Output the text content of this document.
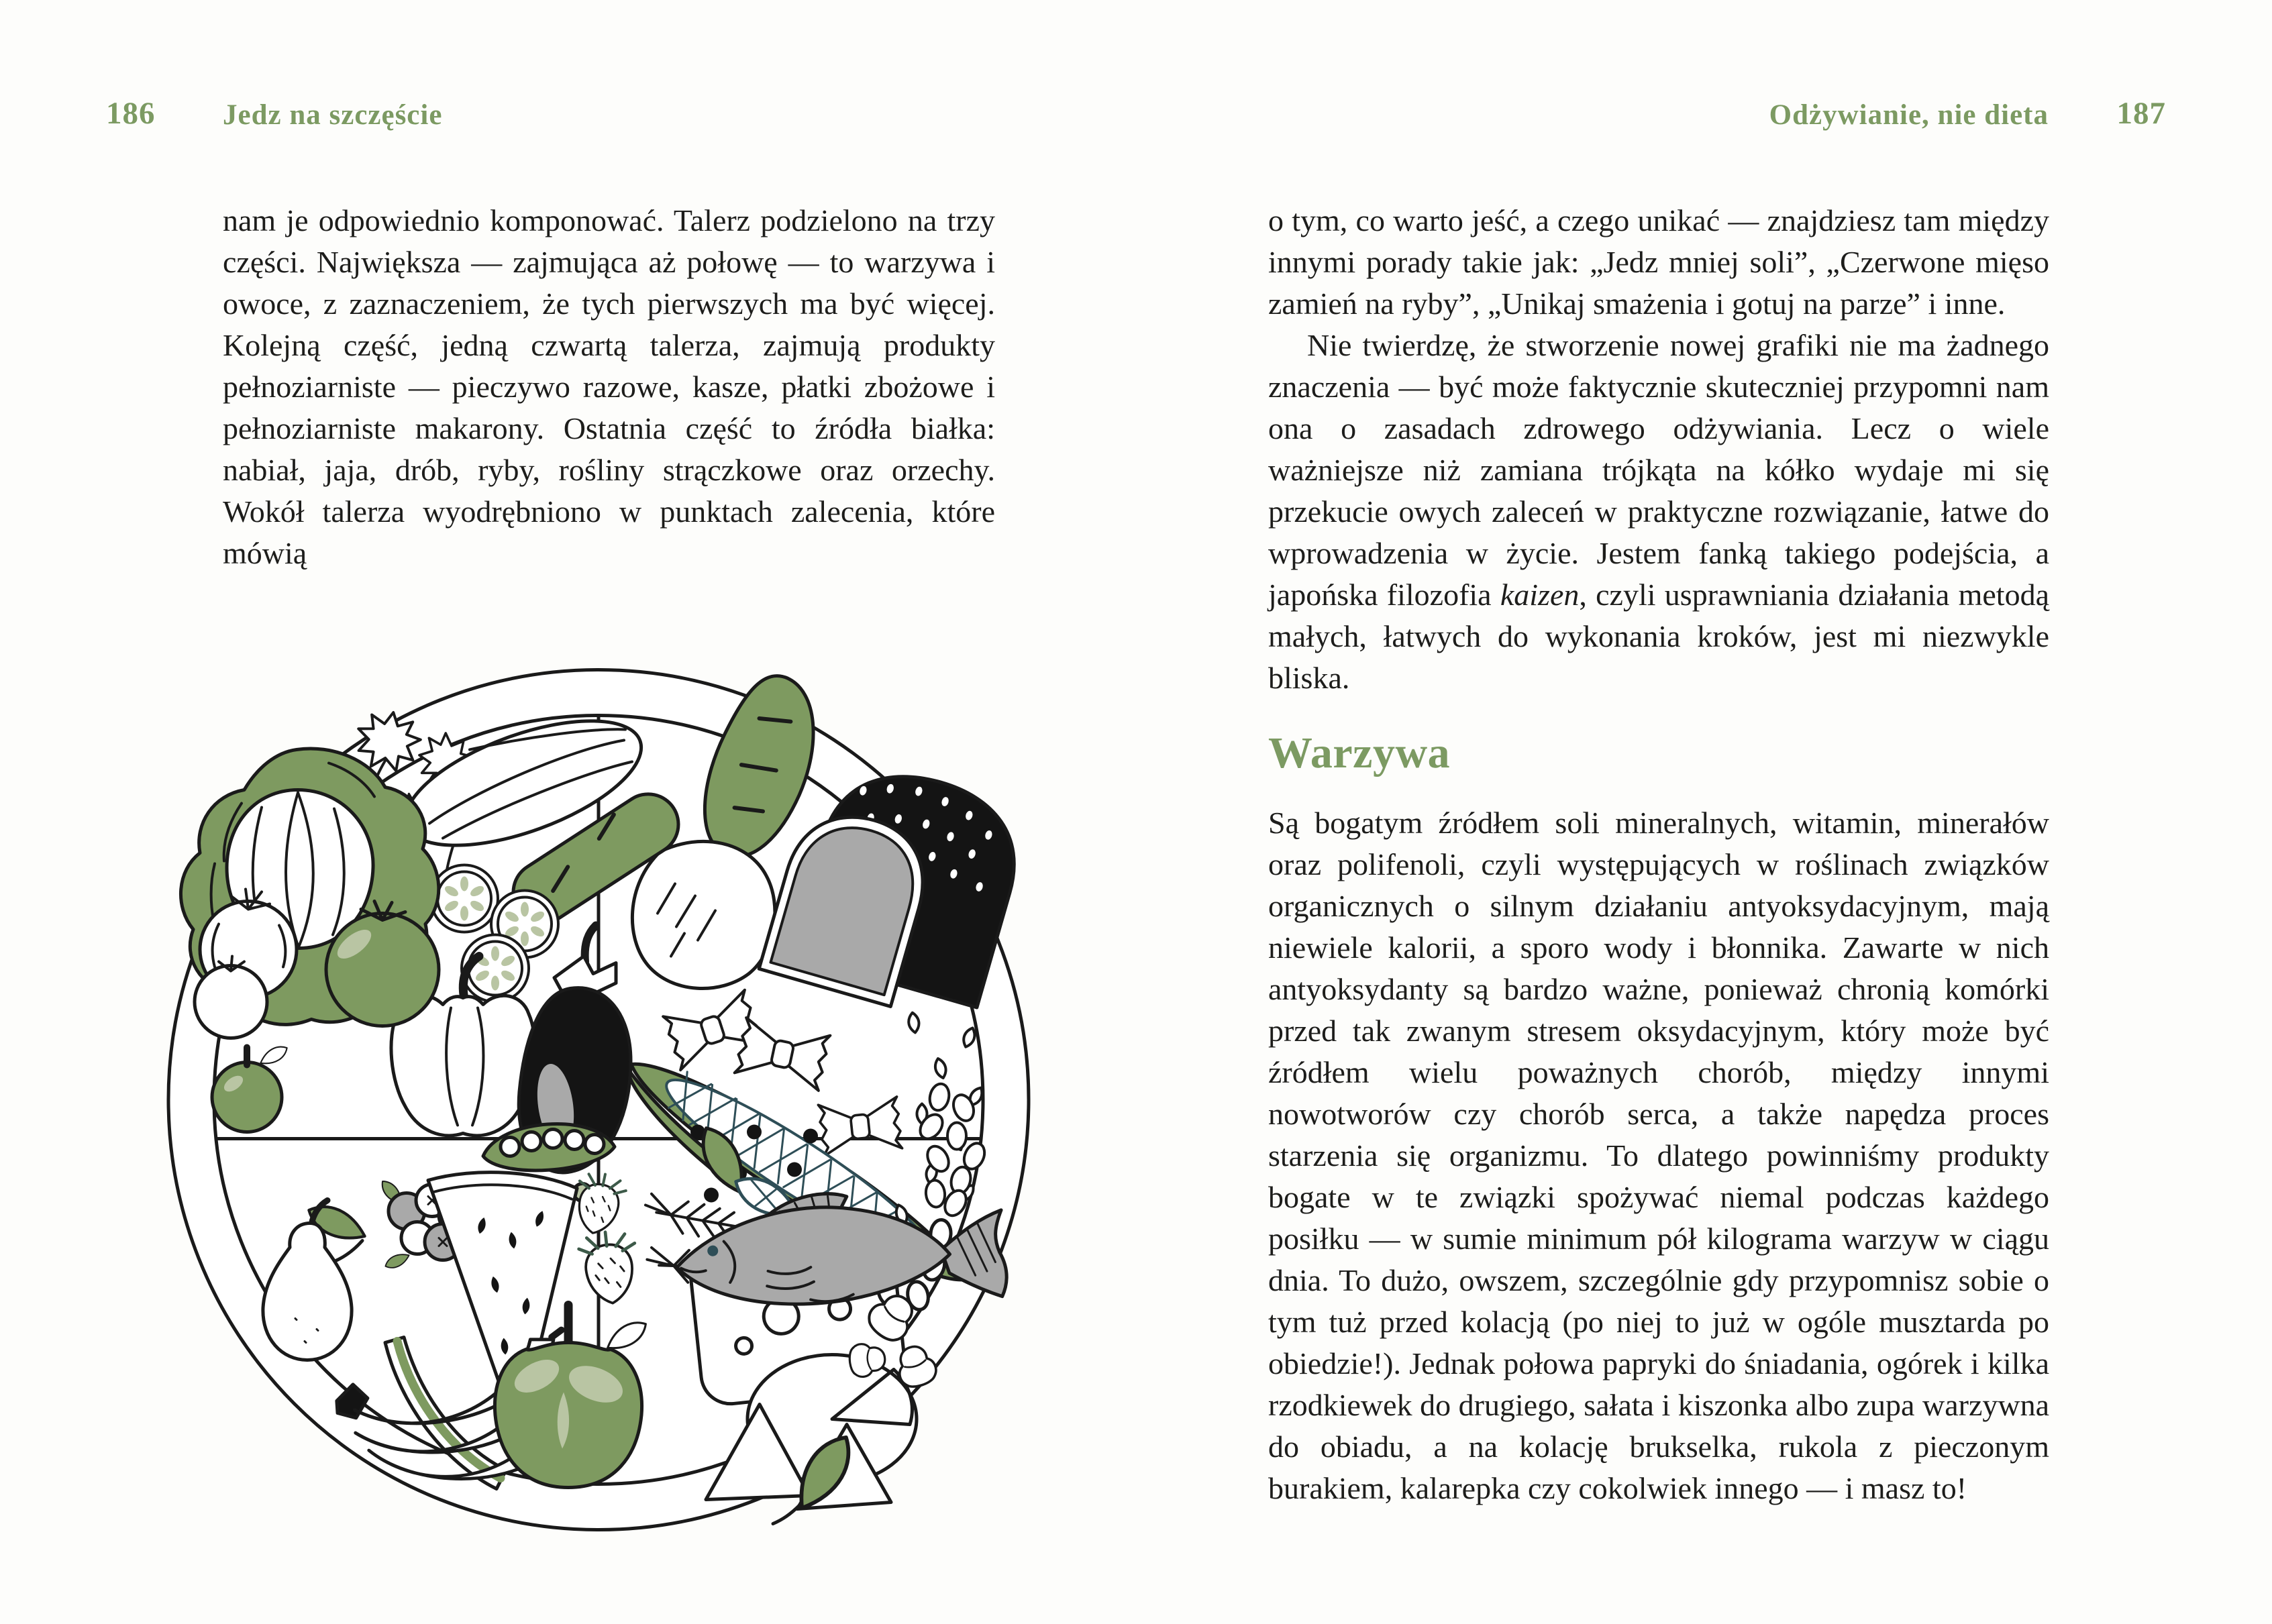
186 Jedz na szczęście

nam je odpowiednio komponować. Talerz podzielono na trzy części. Największa — zajmująca aż połowę — to warzywa i owoce, z zaznaczeniem, że tych pierwszych ma być więcej. Kolejną część, jedną czwartą talerza, zajmują produkty pełnoziarniste — pieczywo razowe, kasze, płatki zbożowe i pełnoziarniste makarony. Ostatnia część to źródła białka: nabiał, jaja, drób, ryby, rośliny strączkowe oraz orzechy. Wokół talerza wyodrębniono w punktach zalecenia, które mówią

Odżywianie, nie dieta 187

o tym, co warto jeść, a czego unikać — znajdziesz tam między innymi porady takie jak: „Jedz mniej soli”, „Czerwone mięso zamień na ryby”, „Unikaj smażenia i gotuj na parze” i inne.

Nie twierdzę, że stworzenie nowej grafiki nie ma żadnego znaczenia — być może faktycznie skuteczniej przypomni nam ona o zasadach zdrowego odżywiania. Lecz o wiele ważniejsze niż zamiana trójkąta na kółko wydaje mi się przekucie owych zaleceń w praktyczne rozwiązanie, łatwe do wprowadzenia w życie. Jestem fanką takiego podejścia, a japońska filozofia kaizen, czyli usprawniania działania metodą małych, łatwych do wykonania kroków, jest mi niezwykle bliska.

Warzywa

Są bogatym źródłem soli mineralnych, witamin, minerałów oraz polifenoli, czyli występujących w roślinach związków organicznych o silnym działaniu antyoksydacyjnym, mają niewiele kalorii, a sporo wody i błonnika. Zawarte w nich antyoksydanty są bardzo ważne, ponieważ chronią komórki przed tak zwanym stresem oksydacyjnym, który może być źródłem wielu poważnych chorób, między innymi nowotworów czy chorób serca, a także napędza proces starzenia się organizmu. To dlatego powinniśmy produkty bogate w te związki spożywać niemal podczas każdego posiłku — w sumie minimum pół kilograma warzyw w ciągu dnia. To dużo, owszem, szczególnie gdy przypomnisz sobie o tym tuż przed kolacją (po niej to już w ogóle musztarda po obiedzie!). Jednak połowa papryki do śniadania, ogórek i kilka rzodkiewek do drugiego, sałata i kiszonka albo zupa warzywna do obiadu, a na kolację brukselka, rukola z pieczonym burakiem, kalarepka czy cokolwiek innego — i masz to!
